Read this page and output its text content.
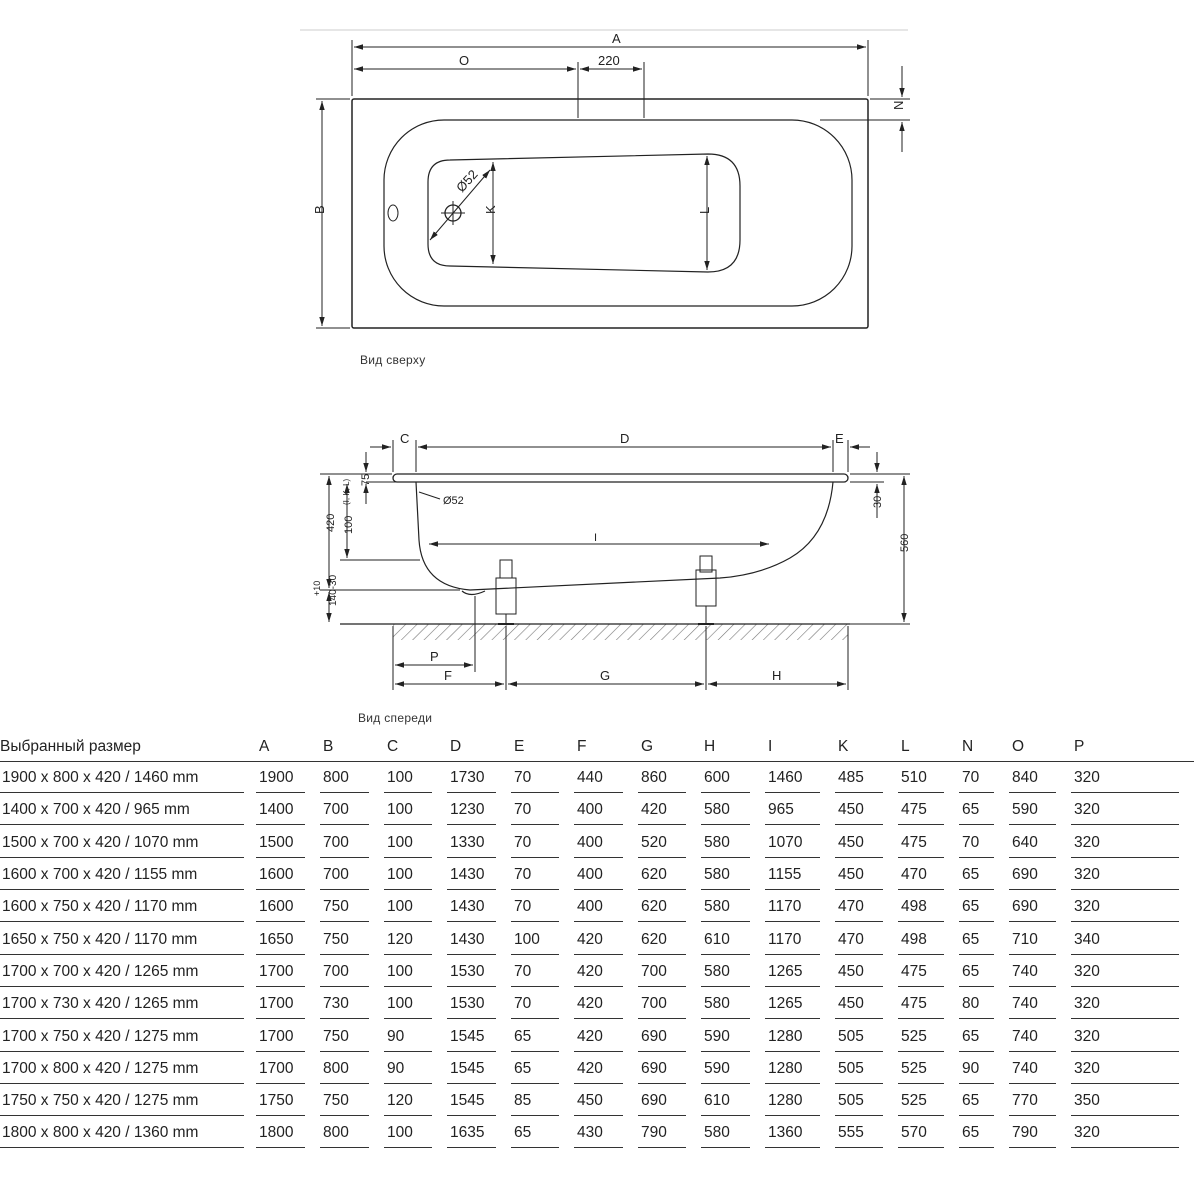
A
O	220
N
B	K	L
Ø52
Вид сверху
C	D	E
75
420 100
(I, K, L)	Ø52
I
30
560
+10 140-30
P
F	G	H
Вид спереди
Выбранный размер	A	B	C	D	E	F	G	H	I	K	L	N	O	P
1900 x 800 x 420 / 1460 mm	1900	800	100	1730	70	440	860	600	1460	485	510	70	840	320
1400 x 700 x 420 / 965 mm	1400	700	100	1230	70	400	420	580	965	450	475	65	590	320
1500 x 700 x 420 / 1070 mm	1500	700	100	1330	70	400	520	580	1070	450	475	70	640	320
1600 x 700 x 420 / 1155 mm	1600	700	100	1430	70	400	620	580	1155	450	470	65	690	320
1600 x 750 x 420 / 1170 mm	1600	750	100	1430	70	400	620	580	1170	470	498	65	690	320
1650 x 750 x 420 / 1170 mm	1650	750	120	1430	100	420	620	610	1170	470	498	65	710	340
1700 x 700 x 420 / 1265 mm	1700	700	100	1530	70	420	700	580	1265	450	475	65	740	320
1700 x 730 x 420 / 1265 mm	1700	730	100	1530	70	420	700	580	1265	450	475	80	740	320
1700 x 750 x 420 / 1275 mm	1700	750	90	1545	65	420	690	590	1280	505	525	65	740	320
1700 x 800 x 420 / 1275 mm	1700	800	90	1545	65	420	690	590	1280	505	525	90	740	320
1750 x 750 x 420 / 1275 mm	1750	750	120	1545	85	450	690	610	1280	505	525	65	770	350
1800 x 800 x 420 / 1360 mm	1800	800	100	1635	65	430	790	580	1360	555	570	65	790	320
